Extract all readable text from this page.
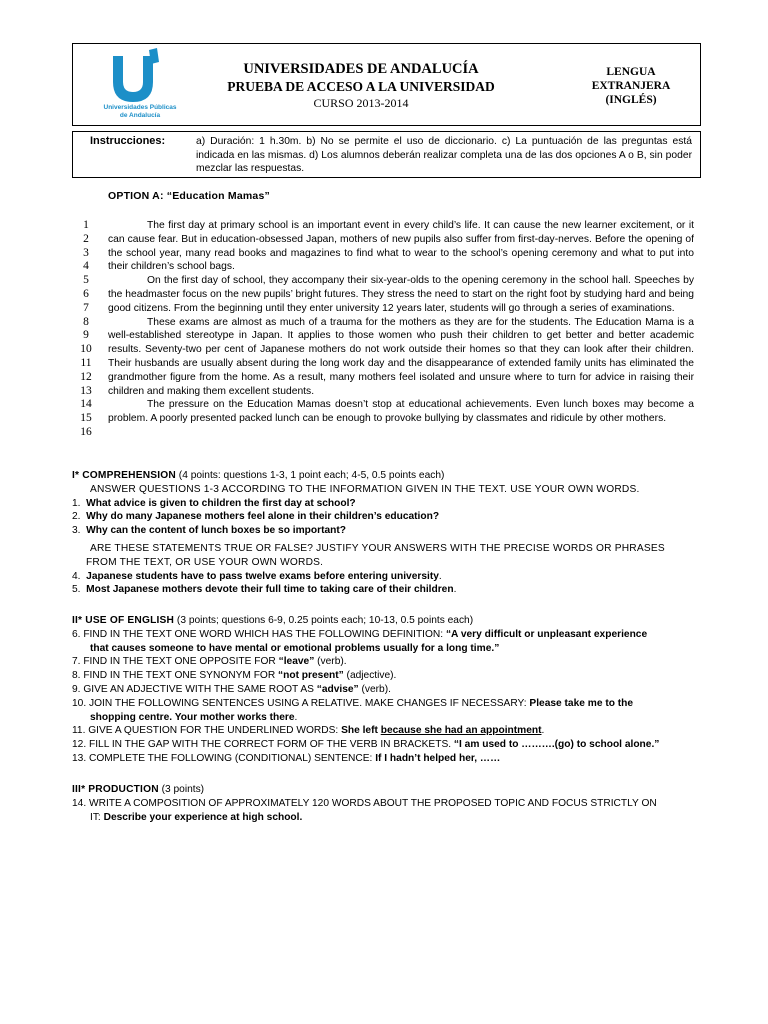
Universidades Públicas
de Andalucía
UNIVERSIDADES DE ANDALUCÍA
PRUEBA DE ACCESO A LA UNIVERSIDAD
CURSO 2013-2014
LENGUA
EXTRANJERA
(INGLÉS)
Instrucciones:	a) Duración: 1 h.30m. b) No se permite el uso de diccionario. c) La puntuación de las preguntas está indicada en las mismas. d) Los alumnos deberán realizar completa una de las dos opciones A o B, sin poder mezclar las respuestas.
OPTION A: “Education Mamas”
1
2
3
4
5
6
7
8
9
10
11
12
13
14
15
16

The first day at primary school is an important event in every child’s life. It can cause the new learner excitement, or it can cause fear. But in education-obsessed Japan, mothers of new pupils also suffer from first-day-nerves. Before the opening of the school year, many read books and magazines to find what to wear to the school’s opening ceremony and what to put into their children’s school bags.

On the first day of school, they accompany their six-year-olds to the opening ceremony in the school hall. Speeches by the headmaster focus on the new pupils’ bright futures. They stress the need to start on the right foot by studying hard and being good citizens. From the beginning until they enter university 12 years later, students will go through a series of examinations.

These exams are almost as much of a trauma for the mothers as they are for the students. The Education Mama is a well-established stereotype in Japan. It applies to those women who push their children to get better and better academic results. Seventy-two per cent of Japanese mothers do not work outside their homes so that they can look after their children. Their husbands are usually absent during the long work day and the disappearance of extended family units has eliminated the grandmother figure from the home. As a result, many mothers feel isolated and unsure where to turn for advice in raising their children and making them excellent students.

The pressure on the Education Mamas doesn’t stop at educational achievements. Even lunch boxes may become a problem. A poorly presented packed lunch can be enough to provoke bullying by classmates and ridicule by other mothers.

I* COMPREHENSION (4 points: questions 1-3, 1 point each; 4-5, 0.5 points each)
ANSWER QUESTIONS 1-3 ACCORDING TO THE INFORMATION GIVEN IN THE TEXT. USE YOUR OWN WORDS.
1. What advice is given to children the first day at school?
2. Why do many Japanese mothers feel alone in their children’s education?
3. Why can the content of lunch boxes be so important?
ARE THESE STATEMENTS TRUE OR FALSE? JUSTIFY YOUR ANSWERS WITH THE PRECISE WORDS OR PHRASES
FROM THE TEXT, OR USE YOUR OWN WORDS.
4. Japanese students have to pass twelve exams before entering university.
5. Most Japanese mothers devote their full time to taking care of their children.
II* USE OF ENGLISH (3 points; questions 6-9, 0.25 points each; 10-13, 0.5 points each)
6. FIND IN THE TEXT ONE WORD WHICH HAS THE FOLLOWING DEFINITION: “A very difficult or unpleasant experience
that causes someone to have mental or emotional problems usually for a long time.”
7. FIND IN THE TEXT ONE OPPOSITE FOR “leave” (verb).
8. FIND IN THE TEXT ONE SYNONYM FOR “not present” (adjective).
9. GIVE AN ADJECTIVE WITH THE SAME ROOT AS “advise” (verb).
10. JOIN THE FOLLOWING SENTENCES USING A RELATIVE. MAKE CHANGES IF NECESSARY: Please take me to the
shopping centre. Your mother works there.
11. GIVE A QUESTION FOR THE UNDERLINED WORDS: She left because she had an appointment.
12. FILL IN THE GAP WITH THE CORRECT FORM OF THE VERB IN BRACKETS. “I am used to ……….(go) to school alone.”
13. COMPLETE THE FOLLOWING (CONDITIONAL) SENTENCE: If I hadn’t helped her, ……
III* PRODUCTION (3 points)
14. WRITE A COMPOSITION OF APPROXIMATELY 120 WORDS ABOUT THE PROPOSED TOPIC AND FOCUS STRICTLY ON
IT: Describe your experience at high school.
